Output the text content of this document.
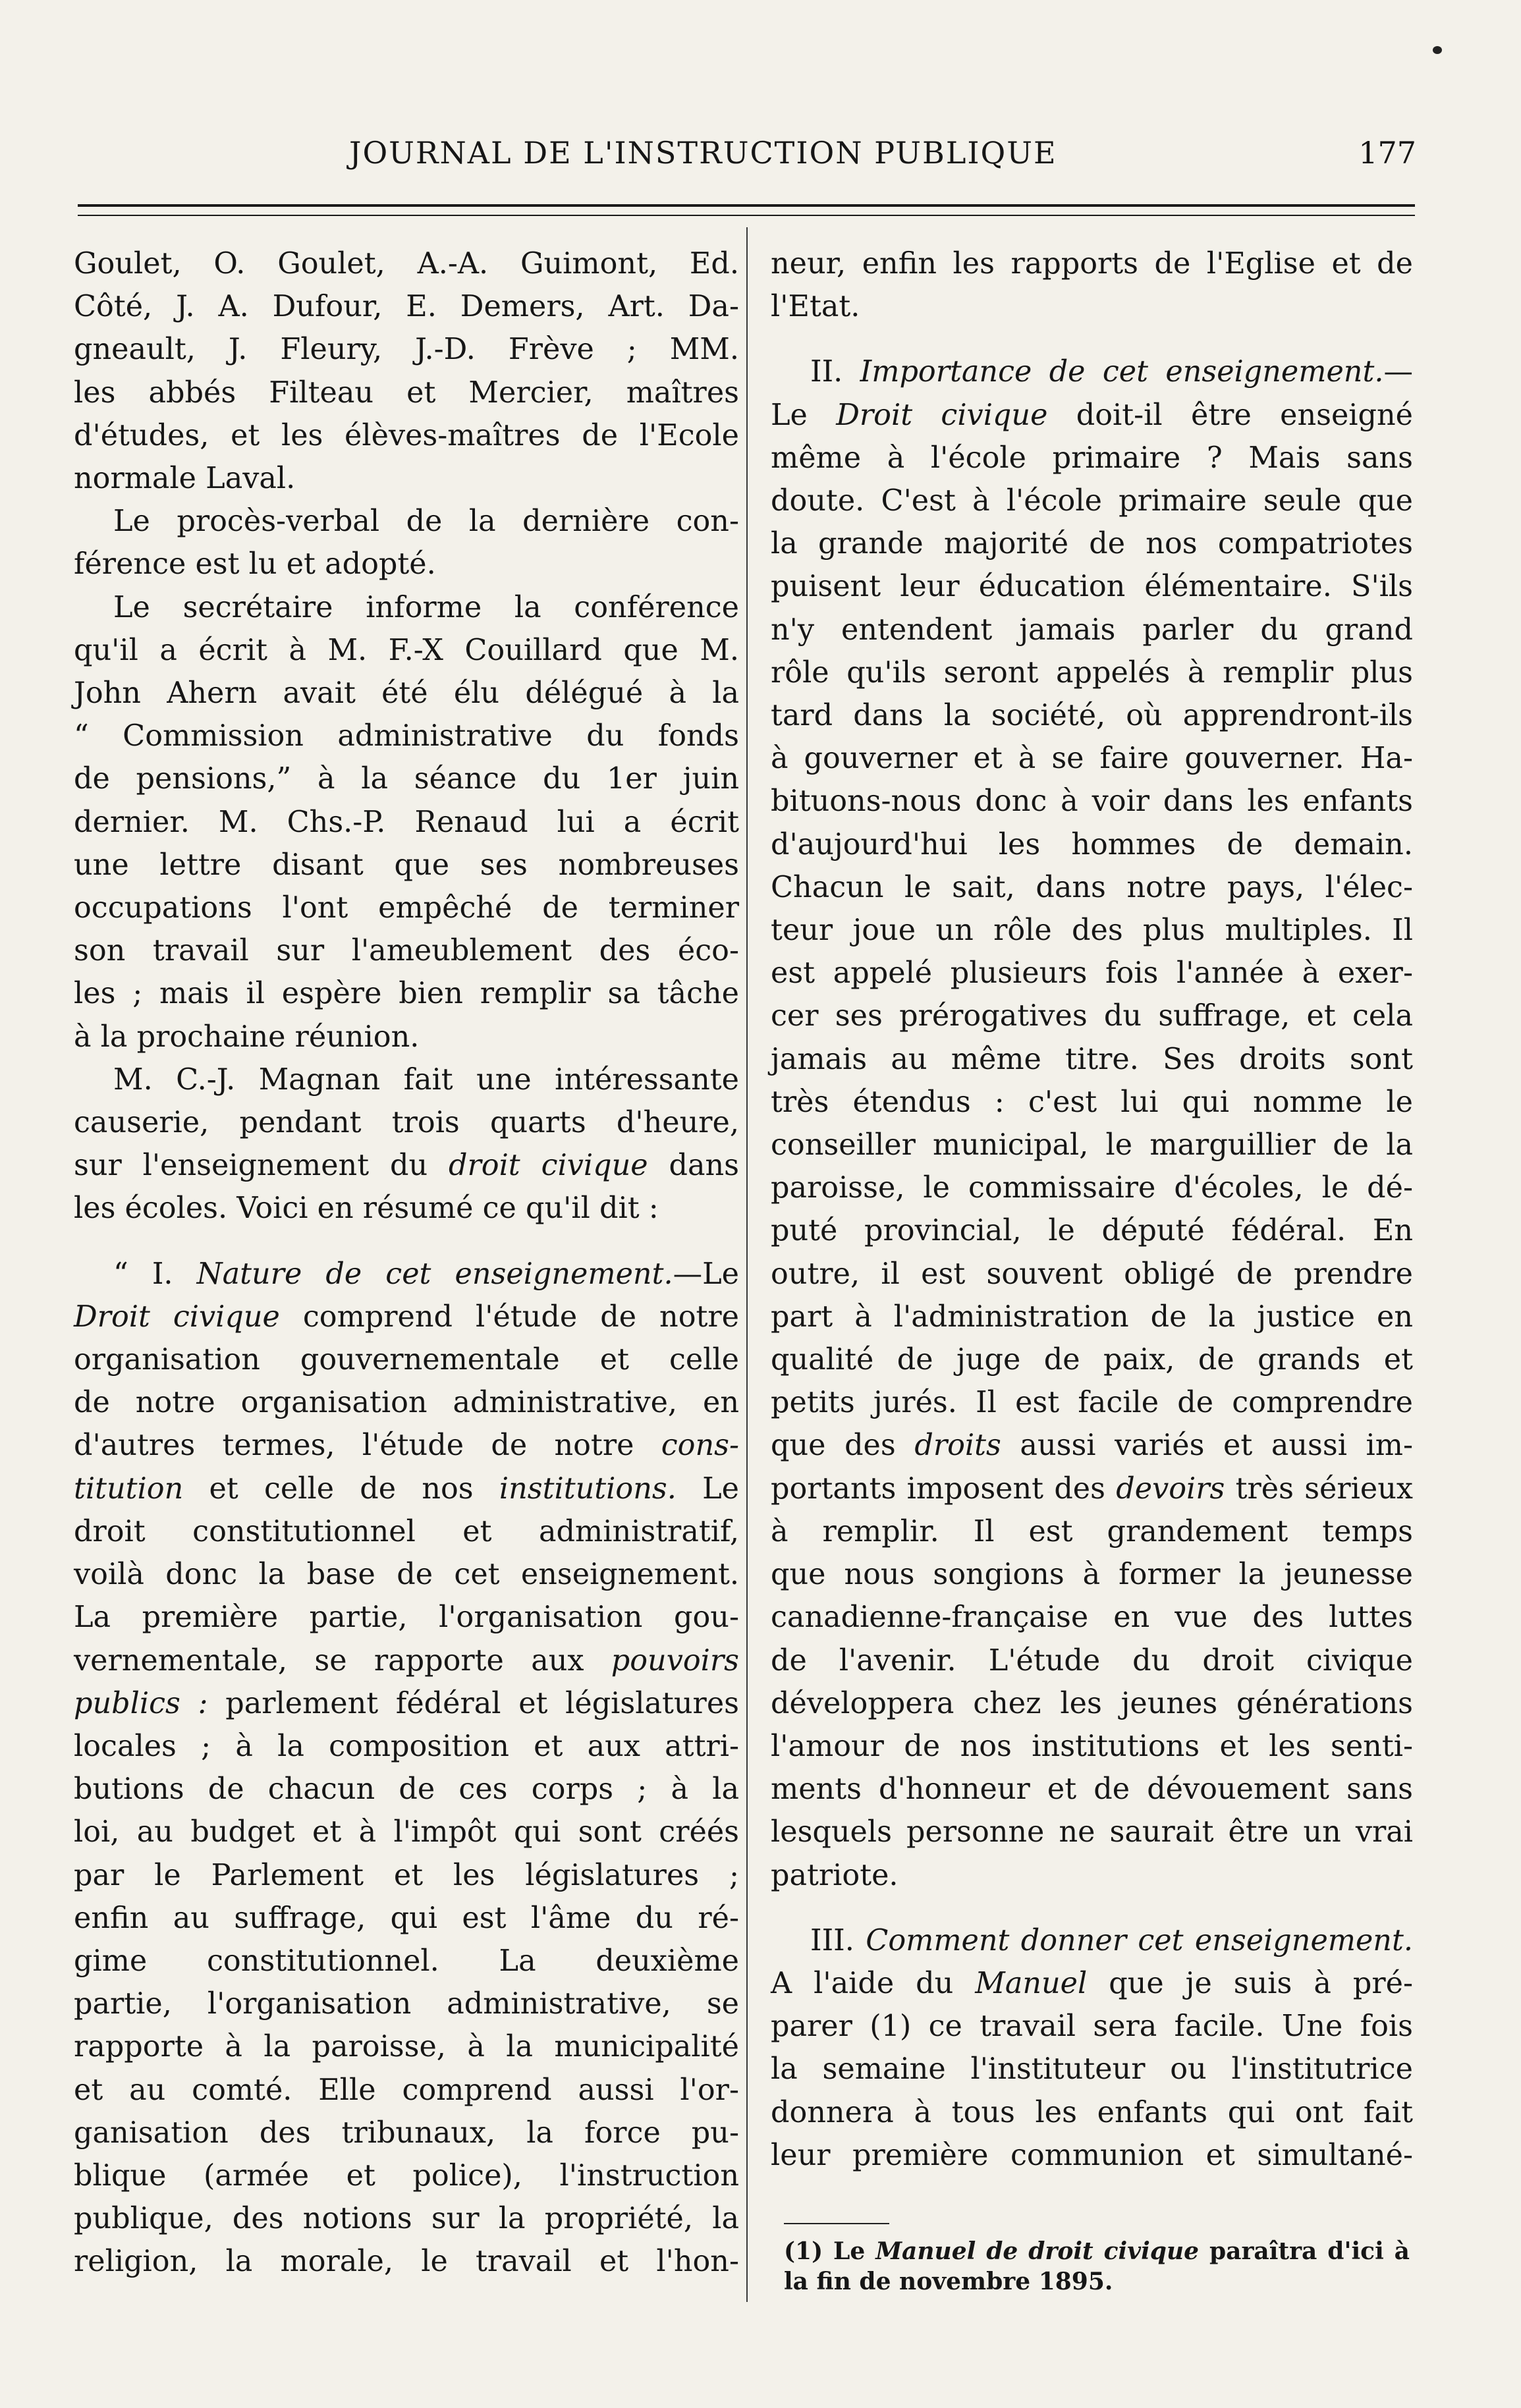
JOURNAL DE L'INSTRUCTION PUBLIQUE	177

Goulet, O. Goulet, A.-A. Guimont, Ed.
Côté, J. A. Dufour, E. Demers, Art. Da-
gneault, J. Fleury, J.-D. Frève ; MM.
les abbés Filteau et Mercier, maîtres
d'études, et les élèves-maîtres de l'Ecole
normale Laval.

Le procès-verbal de la dernière con-
férence est lu et adopté.

Le secrétaire informe la conférence
qu'il a écrit à M. F.-X Couillard que M.
John Ahern avait été élu délégué à la
“ Commission administrative du fonds
de pensions,” à la séance du 1er juin
dernier. M. Chs.-P. Renaud lui a écrit
une lettre disant que ses nombreuses
occupations l'ont empêché de terminer
son travail sur l'ameublement des éco-
les ; mais il espère bien remplir sa tâche
à la prochaine réunion.

M. C.-J. Magnan fait une intéressante
causerie, pendant trois quarts d'heure,
sur l'enseignement du droit civique dans
les écoles. Voici en résumé ce qu'il dit :

“ I. Nature de cet enseignement.—Le
Droit civique comprend l'étude de notre
organisation gouvernementale et celle
de notre organisation administrative, en
d'autres termes, l'étude de notre cons-
titution et celle de nos institutions. Le
droit constitutionnel et administratif,
voilà donc la base de cet enseignement.
La première partie, l'organisation gou-
vernementale, se rapporte aux pouvoirs
publics : parlement fédéral et législatures
locales ; à la composition et aux attri-
butions de chacun de ces corps ; à la
loi, au budget et à l'impôt qui sont créés
par le Parlement et les législatures ;
enfin au suffrage, qui est l'âme du ré-
gime constitutionnel. La deuxième
partie, l'organisation administrative, se
rapporte à la paroisse, à la municipalité
et au comté. Elle comprend aussi l'or-
ganisation des tribunaux, la force pu-
blique (armée et police), l'instruction
publique, des notions sur la propriété, la
religion, la morale, le travail et l'hon-

neur, enfin les rapports de l'Eglise et de
l'Etat.

II. Importance de cet enseignement.—
Le Droit civique doit-il être enseigné
même à l'école primaire ? Mais sans
doute. C'est à l'école primaire seule que
la grande majorité de nos compatriotes
puisent leur éducation élémentaire. S'ils
n'y entendent jamais parler du grand
rôle qu'ils seront appelés à remplir plus
tard dans la société, où apprendront-ils
à gouverner et à se faire gouverner. Ha-
bituons-nous donc à voir dans les enfants
d'aujourd'hui les hommes de demain.
Chacun le sait, dans notre pays, l'élec-
teur joue un rôle des plus multiples. Il
est appelé plusieurs fois l'année à exer-
cer ses prérogatives du suffrage, et cela
jamais au même titre. Ses droits sont
très étendus : c'est lui qui nomme le
conseiller municipal, le marguillier de la
paroisse, le commissaire d'écoles, le dé-
puté provincial, le député fédéral. En
outre, il est souvent obligé de prendre
part à l'administration de la justice en
qualité de juge de paix, de grands et
petits jurés. Il est facile de comprendre
que des droits aussi variés et aussi im-
portants imposent des devoirs très sérieux
à remplir. Il est grandement temps
que nous songions à former la jeunesse
canadienne-française en vue des luttes
de l'avenir. L'étude du droit civique
développera chez les jeunes générations
l'amour de nos institutions et les senti-
ments d'honneur et de dévouement sans
lesquels personne ne saurait être un vrai
patriote.

III. Comment donner cet enseignement.
A l'aide du Manuel que je suis à pré-
parer (1) ce travail sera facile. Une fois
la semaine l'instituteur ou l'institutrice
donnera à tous les enfants qui ont fait
leur première communion et simultané-

(1) Le Manuel de droit civique paraîtra d'ici à
la fin de novembre 1895.
